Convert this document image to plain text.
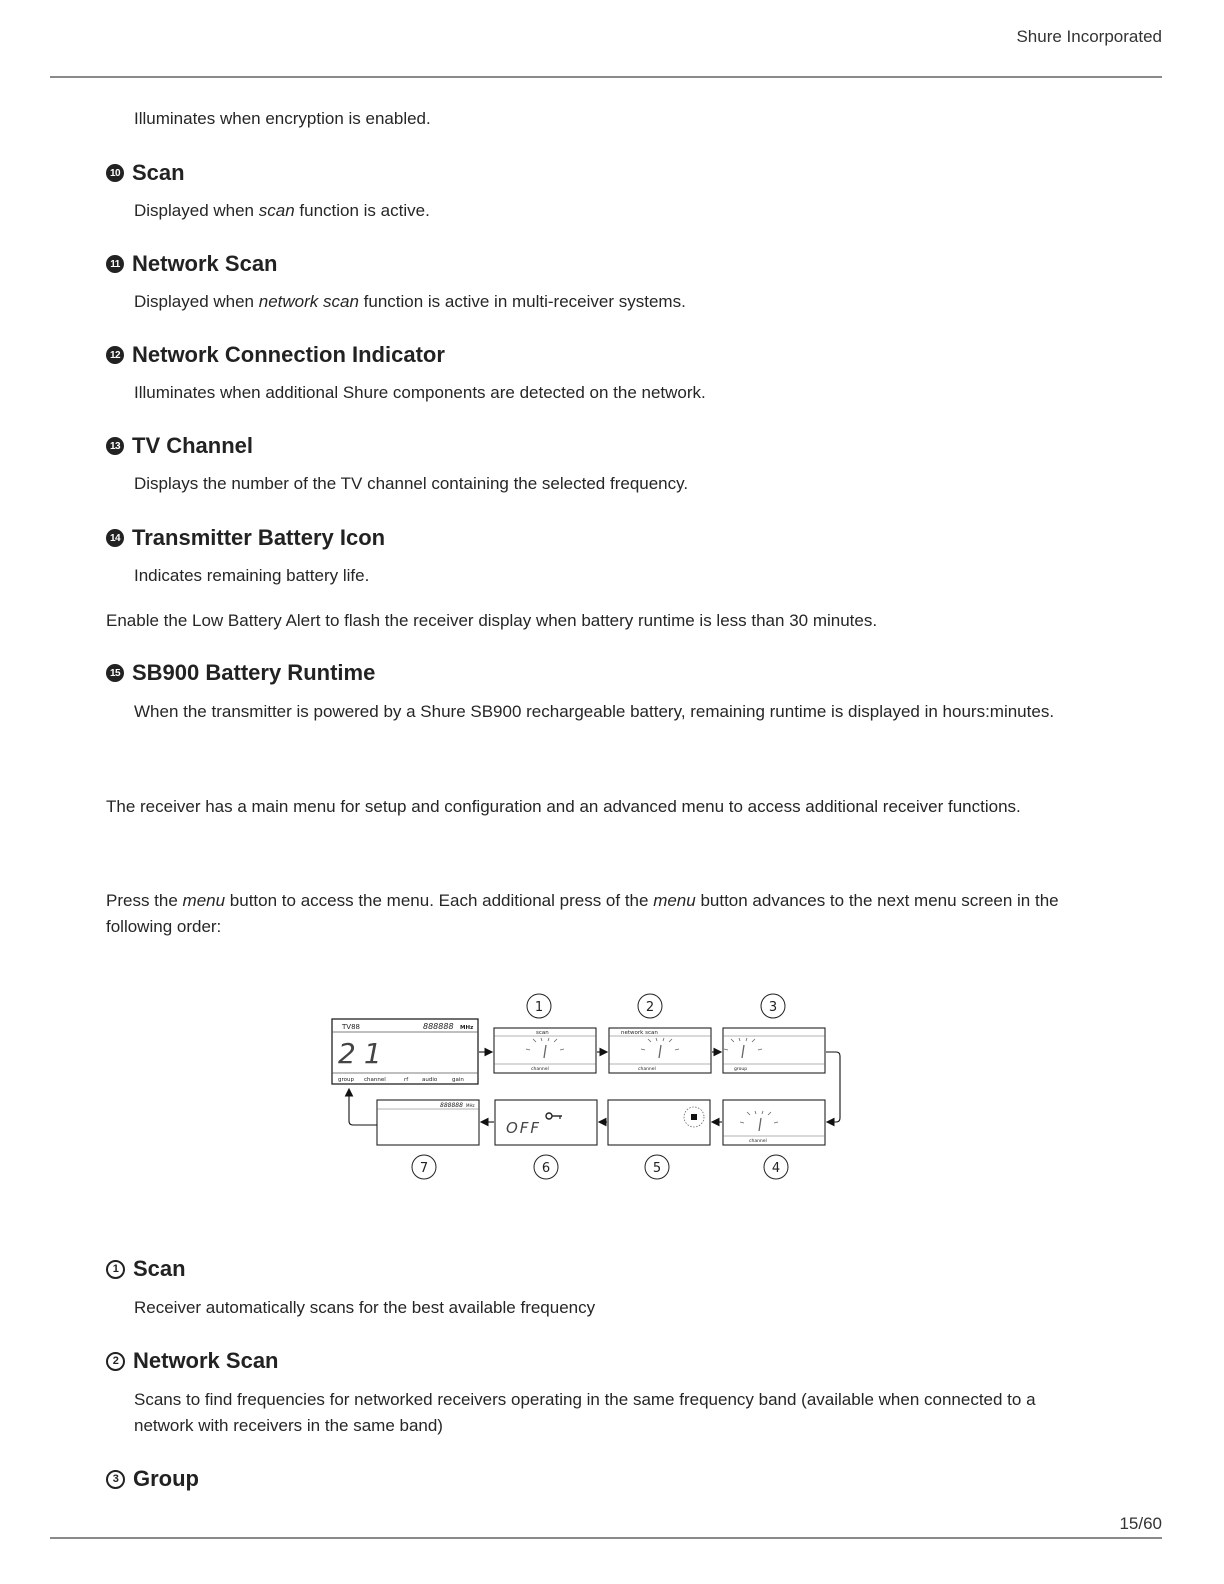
Shure Incorporated
Illuminates when encryption is enabled.
10 Scan
Displayed when scan function is active.
11 Network Scan
Displayed when network scan function is active in multi-receiver systems.
12 Network Connection Indicator
Illuminates when additional Shure components are detected on the network.
13 TV Channel
Displays the number of the TV channel containing the selected frequency.
14 Transmitter Battery Icon
Indicates remaining battery life.
Enable the Low Battery Alert to flash the receiver display when battery runtime is less than 30 minutes.
15 SB900 Battery Runtime
When the transmitter is powered by a Shure SB900 rechargeable battery, remaining runtime is displayed in hours:minutes.
The receiver has a main menu for setup and configuration and an advanced menu to access additional receiver functions.
Press the menu button to access the menu. Each additional press of the menu button advances to the next menu screen in the following order:
TV88	888888 MHz
21
group channel	rf	audio	gain
scan
channel
network scan
channel	group
channel
OFF
888888 MHz
1	2	3
4
5
6
7
1 Scan
Receiver automatically scans for the best available frequency
2 Network Scan
Scans to find frequencies for networked receivers operating in the same frequency band (available when connected to a network with receivers in the same band)
3 Group
15/60
